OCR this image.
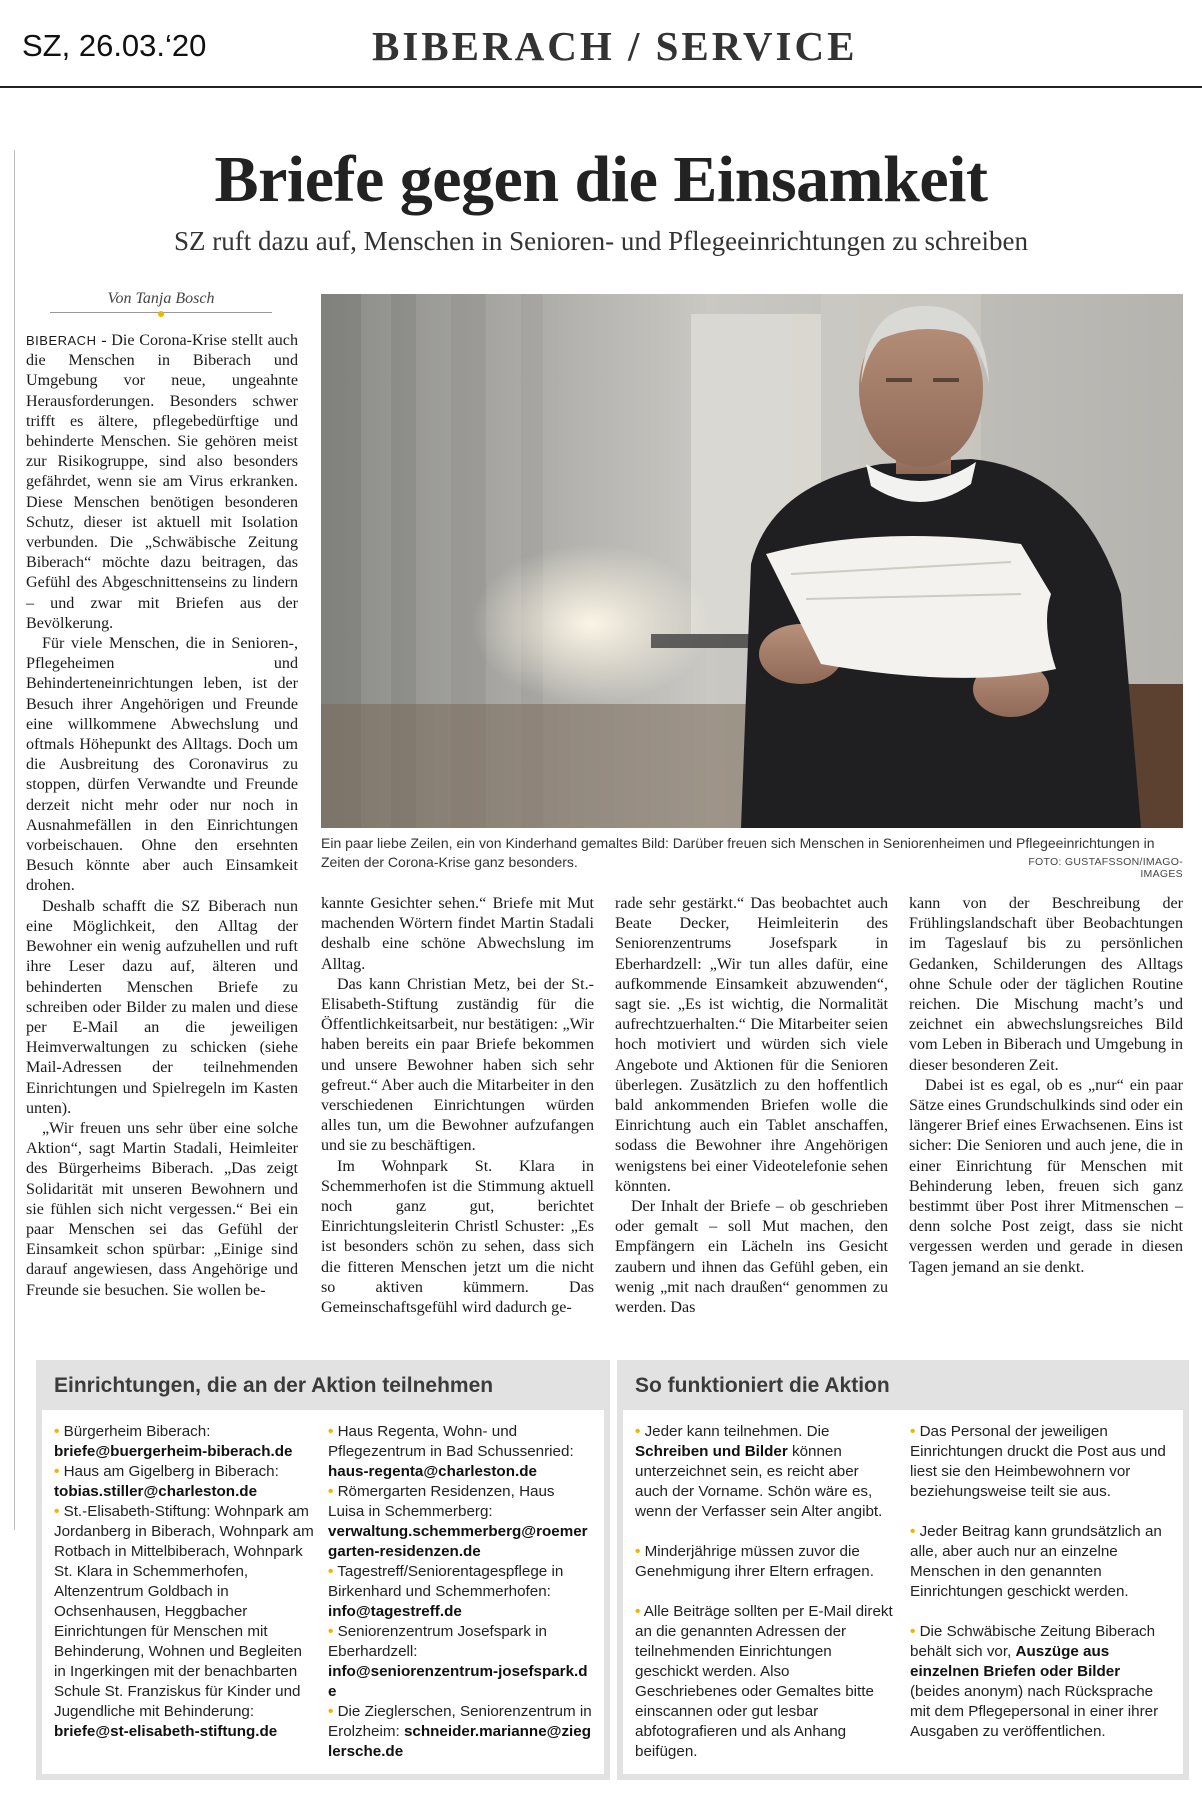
SZ, 26.03.‘20	BIBERACH / SERVICE
Briefe gegen die Einsamkeit
SZ ruft dazu auf, Menschen in Senioren- und Pflegeeinrichtungen zu schreiben
Von Tanja Bosch

BIBERACH - Die Corona-Krise stellt auch die Menschen in Biberach und Umgebung vor neue, ungeahnte Herausforderungen. Besonders schwer trifft es ältere, pflegebedürftige und behinderte Menschen. Sie gehören meist zur Risikogruppe, sind also besonders gefährdet, wenn sie am Virus erkranken. Diese Menschen benötigen besonderen Schutz, dieser ist aktuell mit Isolation verbunden. Die „Schwäbische Zeitung Biberach“ möchte dazu beitragen, das Gefühl des Abgeschnittenseins zu lindern – und zwar mit Briefen aus der Bevölkerung.

Für viele Menschen, die in Senioren-, Pflegeheimen und Behinderteneinrichtungen leben, ist der Besuch ihrer Angehörigen und Freunde eine willkommene Abwechslung und oftmals Höhepunkt des Alltags. Doch um die Ausbreitung des Coronavirus zu stoppen, dürfen Verwandte und Freunde derzeit nicht mehr oder nur noch in Ausnahmefällen in den Einrichtungen vorbeischauen. Ohne den ersehnten Besuch könnte aber auch Einsamkeit drohen.

Deshalb schafft die SZ Biberach nun eine Möglichkeit, den Alltag der Bewohner ein wenig aufzuhellen und ruft ihre Leser dazu auf, älteren und behinderten Menschen Briefe zu schreiben oder Bilder zu malen und diese per E-Mail an die jeweiligen Heimverwaltungen zu schicken (siehe Mail-Adressen der teilnehmenden Einrichtungen und Spielregeln im Kasten unten).

„Wir freuen uns sehr über eine solche Aktion“, sagt Martin Stadali, Heimleiter des Bürgerheims Biberach. „Das zeigt Solidarität mit unseren Bewohnern und sie fühlen sich nicht vergessen.“ Bei ein paar Menschen sei das Gefühl der Einsamkeit schon spürbar: „Einige sind darauf angewiesen, dass Angehörige und Freunde sie besuchen. Sie wollen be-

Ein paar liebe Zeilen, ein von Kinderhand gemaltes Bild: Darüber freuen sich Menschen in Seniorenheimen und Pflegeeinrichtungen in Zeiten der Corona-Krise ganz besonders.	FOTO: GUSTAFSSON/IMAGO-IMAGES

kannte Gesichter sehen.“ Briefe mit Mut machenden Wörtern findet Martin Stadali deshalb eine schöne Abwechslung im Alltag.

Das kann Christian Metz, bei der St.-Elisabeth-Stiftung zuständig für die Öffentlichkeitsarbeit, nur bestätigen: „Wir haben bereits ein paar Briefe bekommen und unsere Bewohner haben sich sehr gefreut.“ Aber auch die Mitarbeiter in den verschiedenen Einrichtungen würden alles tun, um die Bewohner aufzufangen und sie zu beschäftigen.

Im Wohnpark St. Klara in Schemmerhofen ist die Stimmung aktuell noch ganz gut, berichtet Einrichtungsleiterin Christl Schuster: „Es ist besonders schön zu sehen, dass sich die fitteren Menschen jetzt um die nicht so aktiven kümmern. Das Gemeinschaftsgefühl wird dadurch ge-

rade sehr gestärkt.“ Das beobachtet auch Beate Decker, Heimleiterin des Seniorenzentrums Josefspark in Eberhardzell: „Wir tun alles dafür, eine aufkommende Einsamkeit abzuwenden“, sagt sie. „Es ist wichtig, die Normalität aufrechtzuerhalten.“ Die Mitarbeiter seien hoch motiviert und würden sich viele Angebote und Aktionen für die Senioren überlegen. Zusätzlich zu den hoffentlich bald ankommenden Briefen wolle die Einrichtung auch ein Tablet anschaffen, sodass die Bewohner ihre Angehörigen wenigstens bei einer Videotelefonie sehen könnten.

Der Inhalt der Briefe – ob geschrieben oder gemalt – soll Mut machen, den Empfängern ein Lächeln ins Gesicht zaubern und ihnen das Gefühl geben, ein wenig „mit nach draußen“ genommen zu werden. Das

kann von der Beschreibung der Frühlingslandschaft über Beobachtungen im Tageslauf bis zu persönlichen Gedanken, Schilderungen des Alltags ohne Schule oder der täglichen Routine reichen. Die Mischung macht’s und zeichnet ein abwechslungsreiches Bild vom Leben in Biberach und Umgebung in dieser besonderen Zeit.

Dabei ist es egal, ob es „nur“ ein paar Sätze eines Grundschulkinds sind oder ein längerer Brief eines Erwachsenen. Eins ist sicher: Die Senioren und auch jene, die in einer Einrichtung für Menschen mit Behinderung leben, freuen sich ganz bestimmt über Post ihrer Mitmenschen – denn solche Post zeigt, dass sie nicht vergessen werden und gerade in diesen Tagen jemand an sie denkt.

Einrichtungen, die an der Aktion teilnehmen
• Bürgerheim Biberach:
briefe@buergerheim-biberach.de
• Haus am Gigelberg in Biberach:
tobias.stiller@charleston.de
• St.-Elisabeth-Stiftung: Wohnpark am Jordanberg in Biberach, Wohnpark am Rotbach in Mittelbiberach, Wohnpark St. Klara in Schemmerhofen, Altenzentrum Goldbach in Ochsenhausen, Heggbacher Einrichtungen für Menschen mit Behinderung, Wohnen und Begleiten in Ingerkingen mit der benachbarten Schule St. Franziskus für Kinder und Jugendliche mit Behinderung:
briefe@st-elisabeth-stiftung.de
• Haus Regenta, Wohn- und Pflegezentrum in Bad Schussenried:
haus-regenta@charleston.de
• Römergarten Residenzen, Haus Luisa in Schemmerberg:
verwaltung.schemmerberg@roemergarten-residenzen.de
• Tagestreff/Seniorentagespflege in Birkenhard und Schemmerhofen:
info@tagestreff.de
• Seniorenzentrum Josefspark in Eberhardzell:
info@seniorenzentrum-josefspark.de
• Die Zieglerschen, Seniorenzentrum in Erolzheim: schneider.marianne@zieglersche.de
So funktioniert die Aktion
• Jeder kann teilnehmen. Die Schreiben und Bilder können unterzeichnet sein, es reicht aber auch der Vorname. Schön wäre es, wenn der Verfasser sein Alter angibt.
• Minderjährige müssen zuvor die Genehmigung ihrer Eltern erfragen.
• Alle Beiträge sollten per E-Mail direkt an die genannten Adressen der teilnehmenden Einrichtungen geschickt werden. Also Geschriebenes oder Gemaltes bitte einscannen oder gut lesbar abfotografieren und als Anhang beifügen.
• Das Personal der jeweiligen Einrichtungen druckt die Post aus und liest sie den Heimbewohnern vor beziehungsweise teilt sie aus.
• Jeder Beitrag kann grundsätzlich an alle, aber auch nur an einzelne Menschen in den genannten Einrichtungen geschickt werden.
• Die Schwäbische Zeitung Biberach behält sich vor, Auszüge aus einzelnen Briefen oder Bilder (beides anonym) nach Rücksprache mit dem Pflegepersonal in einer ihrer Ausgaben zu veröffentlichen.
